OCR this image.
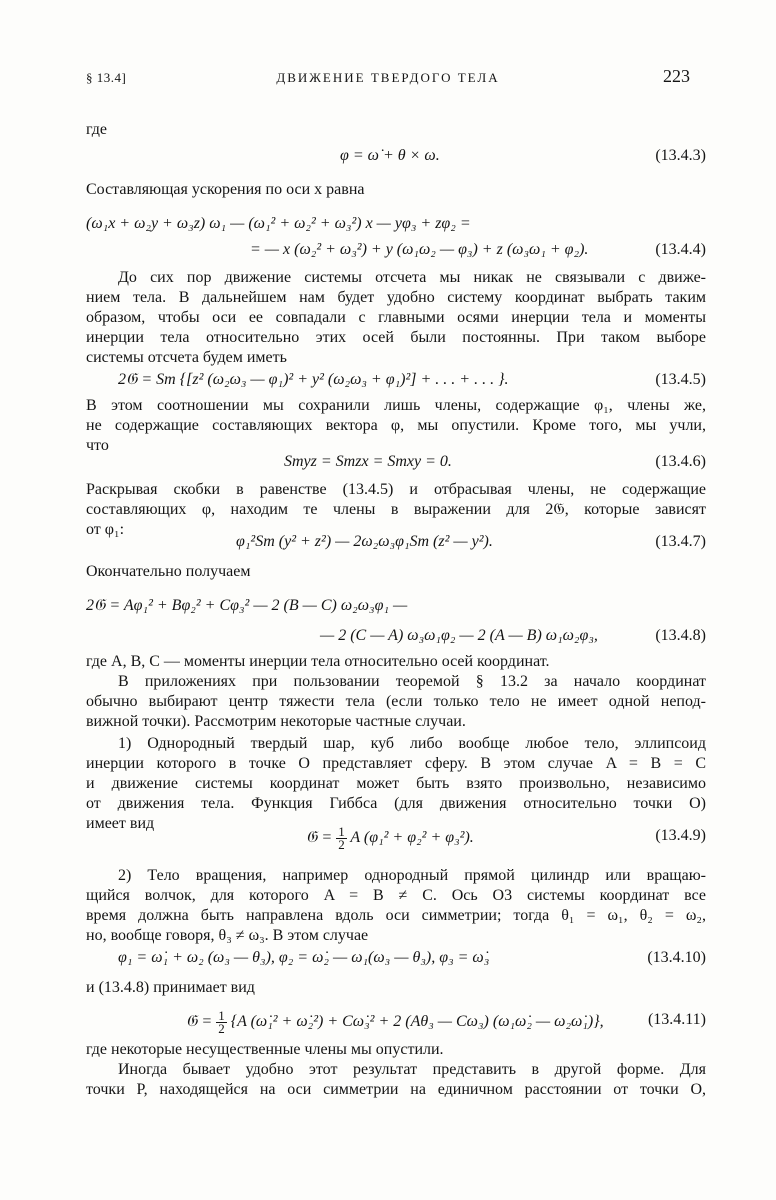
§ 13.4]	ДВИЖЕНИЕ ТВЕРДОГО ТЕЛА	223
где
φ = ω̇ + θ × ω.	(13.4.3)
Составляющая ускорения по оси x равна
(ω₁x + ω₂y + ω₃z) ω₁ — (ω₁² + ω₂² + ω₃²) x — yφ₃ + zφ₂ =
= — x (ω₂² + ω₃²) + y (ω₁ω₂ — φ₃) + z (ω₃ω₁ + φ₂).	(13.4.4)
До сих пор движение системы отсчета мы никак не связывали с движе-
нием тела. В дальнейшем нам будет удобно систему координат выбрать таким
образом, чтобы оси ее совпадали с главными осями инерции тела и моменты
инерции тела относительно этих осей были постоянны. При таком выборе
системы отсчета будем иметь
2𝔊 = Sm {[z² (ω₂ω₃ — φ₁)² + y² (ω₂ω₃ + φ₁)²] + . . . + . . . }.	(13.4.5)
В этом соотношении мы сохранили лишь члены, содержащие φ₁, члены же,
не содержащие составляющих вектора φ, мы опустили. Кроме того, мы учли,
что
Smyz = Smzx = Smxy = 0.	(13.4.6)
Раскрывая скобки в равенстве (13.4.5) и отбрасывая члены, не содержащие
составляющих φ, находим те члены в выражении для 2𝔊, которые зависят
от φ₁:
φ₁²Sm (y² + z²) — 2ω₂ω₃φ₁Sm (z² — y²).	(13.4.7)
Окончательно получаем
2𝔊 = Aφ₁² + Bφ₂² + Cφ₃² — 2 (B — C) ω₂ω₃φ₁ —
— 2 (C — A) ω₃ω₁φ₂ — 2 (A — B) ω₁ω₂φ₃,	(13.4.8)
где A, B, C — моменты инерции тела относительно осей координат.
В приложениях при пользовании теоремой § 13.2 за начало координат
обычно выбирают центр тяжести тела (если только тело не имеет одной непод-
вижной точки). Рассмотрим некоторые частные случаи.
1) Однородный твердый шар, куб либо вообще любое тело, эллипсоид
инерции которого в точке O представляет сферу. В этом случае A = B = C
и движение системы координат может быть взято произвольно, независимо
от движения тела. Функция Гиббса (для движения относительно точки O)
имеет вид
𝔊 = $\frac{1}{2}$ A (φ₁² + φ₂² + φ₃²).	(13.4.9)
2) Тело вращения, например однородный прямой цилиндр или вращаю-
щийся волчок, для которого A = B ≠ C. Ось O3 системы координат все
время должна быть направлена вдоль оси симметрии; тогда θ₁ = ω₁, θ₂ = ω₂,
но, вообще говоря, θ₃ ≠ ω₃. В этом случае
φ₁ = ω̇₁ + ω₂ (ω₃ — θ₃), φ₂ = ω̇₂ — ω₁(ω₃ — θ₃), φ₃ = ω̇₃	(13.4.10)
и (13.4.8) принимает вид
𝔊 = $\frac{1}{2} \{A$ (ω̇₁² + ω̇₂²) + Cω̇₃² + 2 (Aθ₃ — Cω₃) (ω₁ω̇₂ — ω₂ω̇₁)},	(13.4.11)
где некоторые несущественные члены мы опустили.
Иногда бывает удобно этот результат представить в другой форме. Для
точки P, находящейся на оси симметрии на единичном расстоянии от точки O,
